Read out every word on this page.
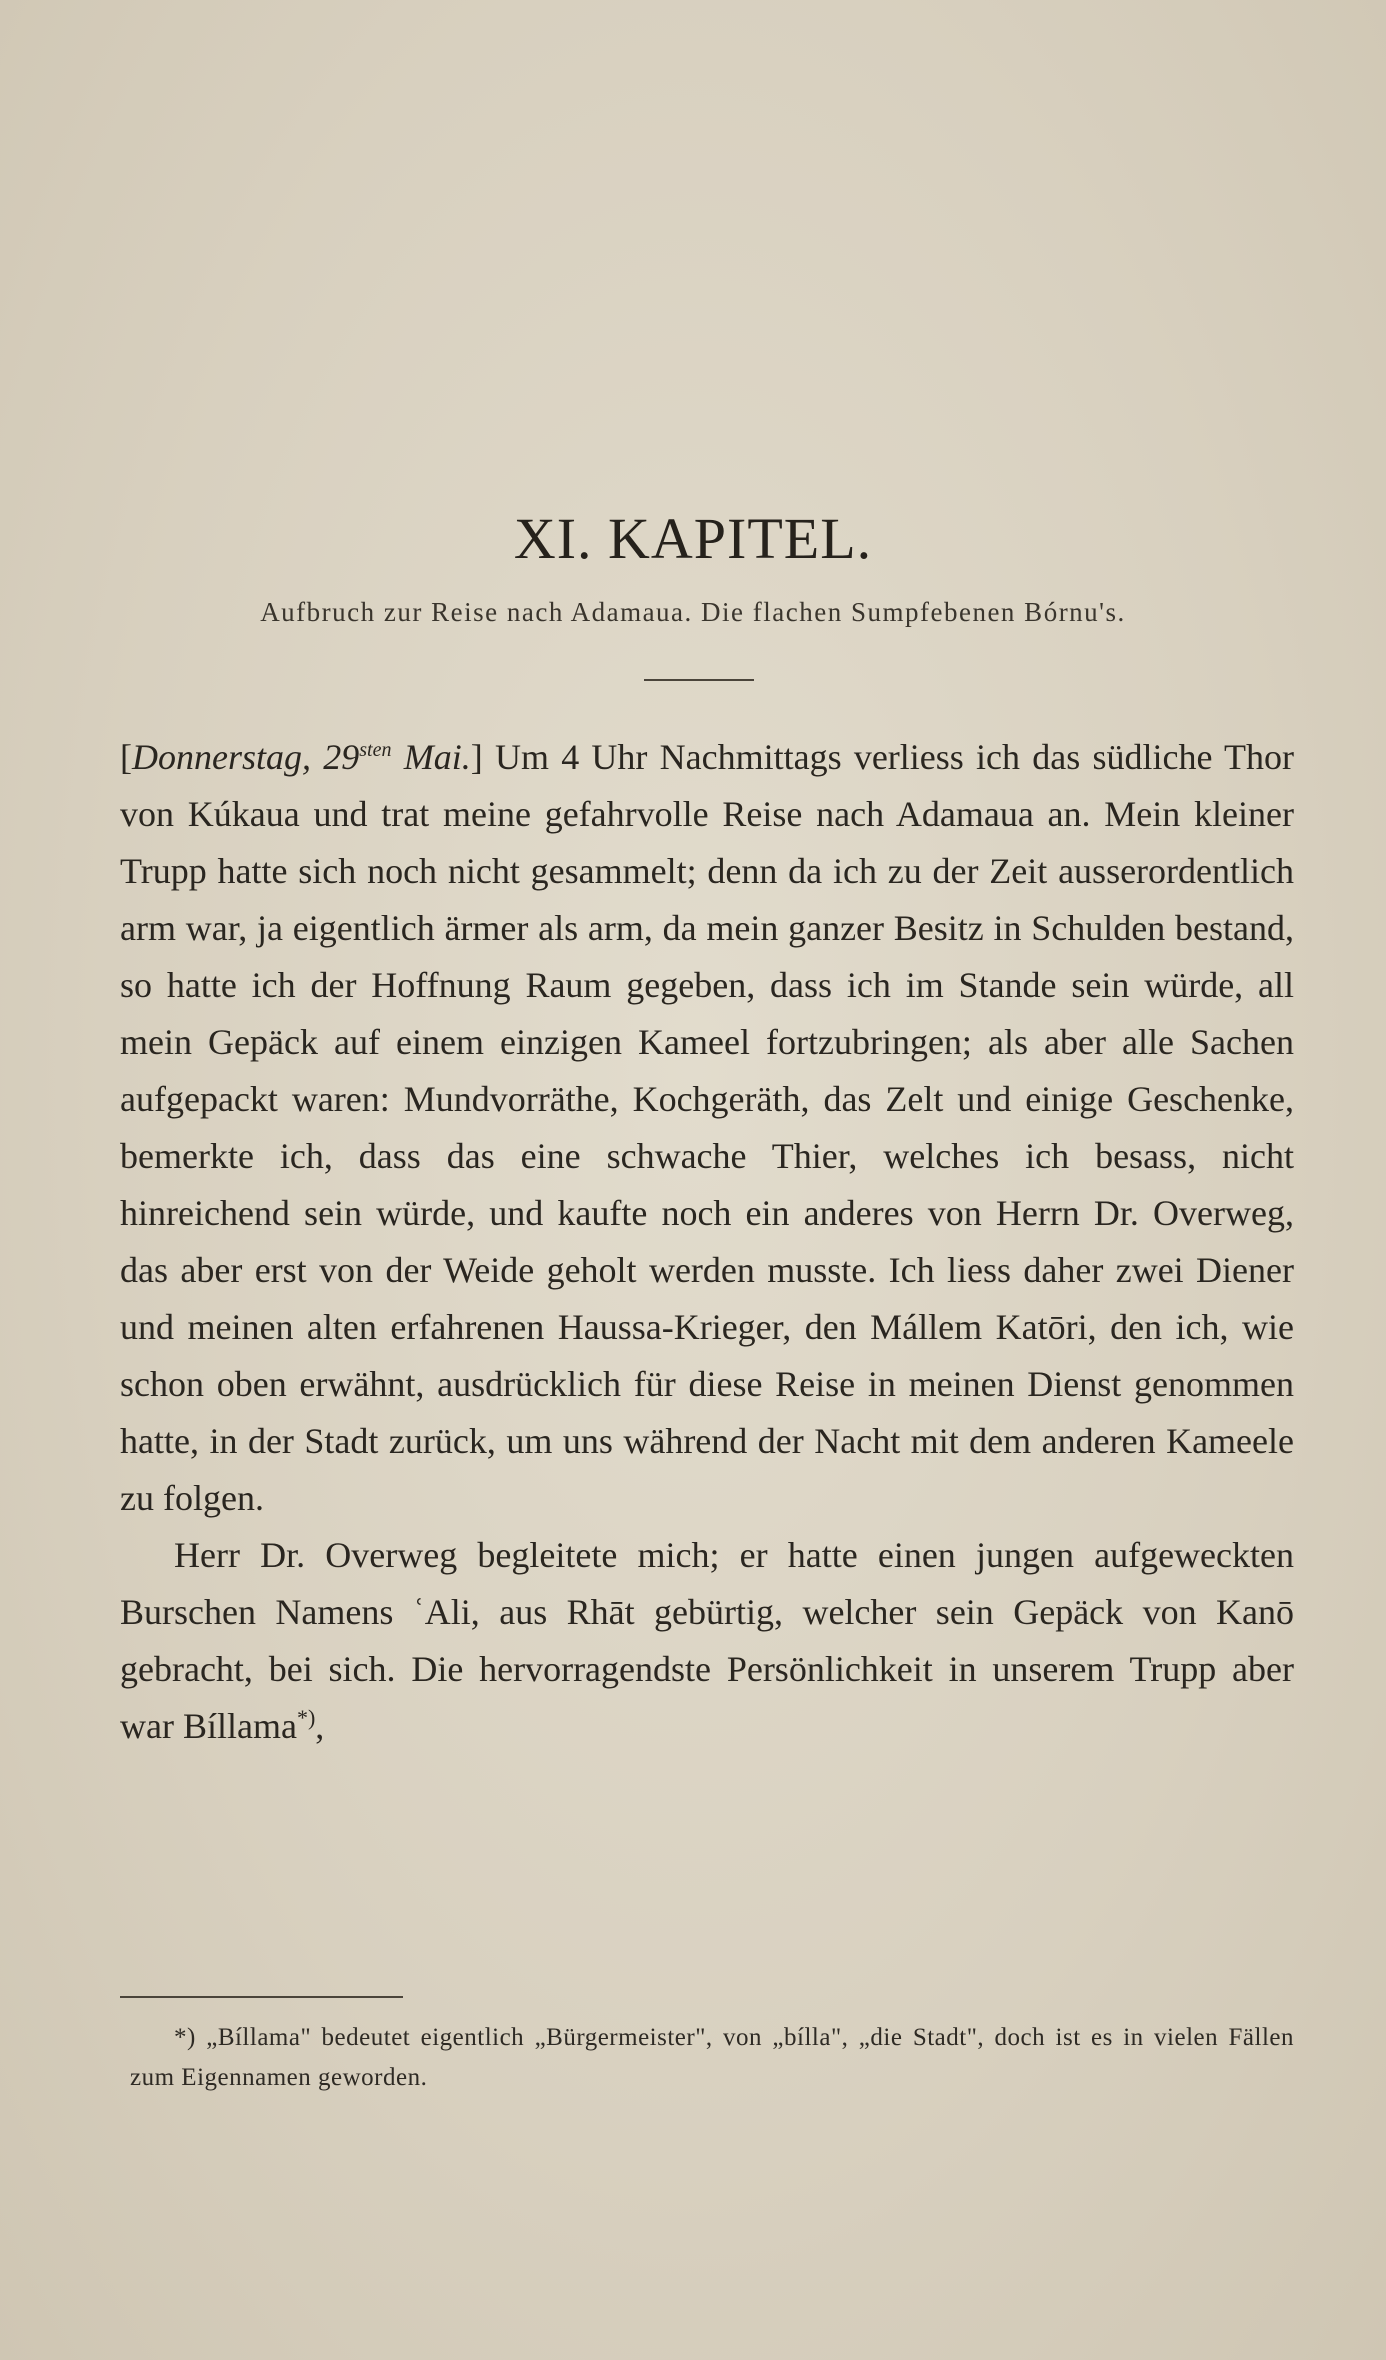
XI. KAPITEL.
Aufbruch zur Reise nach Adamaua. Die flachen Sumpfebenen Bórnu's.

[Donnerstag, $29^{sten}$ Mai.] Um 4 Uhr Nachmittags verliess ich das südliche Thor von Kúkaua und trat meine gefahrvolle Reise nach Adamaua an. Mein kleiner Trupp hatte sich noch nicht gesammelt; denn da ich zu der Zeit ausserordentlich arm war, ja eigentlich ärmer als arm, da mein ganzer Besitz in Schulden bestand, so hatte ich der Hoffnung Raum gegeben, dass ich im Stande sein würde, all mein Gepäck auf einem einzigen Kameel fortzubringen; als aber alle Sachen aufgepackt waren: Mundvorräthe, Kochgeräth, das Zelt und einige Geschenke, bemerkte ich, dass das eine schwache Thier, welches ich besass, nicht hinreichend sein würde, und kaufte noch ein anderes von Herrn Dr. Overweg, das aber erst von der Weide geholt werden musste. Ich liess daher zwei Diener und meinen alten erfahrenen Haussa-Krieger, den Mállem Katōri, den ich, wie schon oben erwähnt, ausdrücklich für diese Reise in meinen Dienst genommen hatte, in der Stadt zurück, um uns während der Nacht mit dem anderen Kameele zu folgen.

Herr Dr. Overweg begleitete mich; er hatte einen jungen aufgeweckten Burschen Namens ʿAli, aus Rhāt gebürtig, welcher sein Gepäck von Kanō gebracht, bei sich. Die hervorragendste Persönlichkeit in unserem Trupp aber war Bíllama*),

*) „Bíllama" bedeutet eigentlich „Bürgermeister", von „bílla", „die Stadt", doch ist es in vielen Fällen zum Eigennamen geworden.
